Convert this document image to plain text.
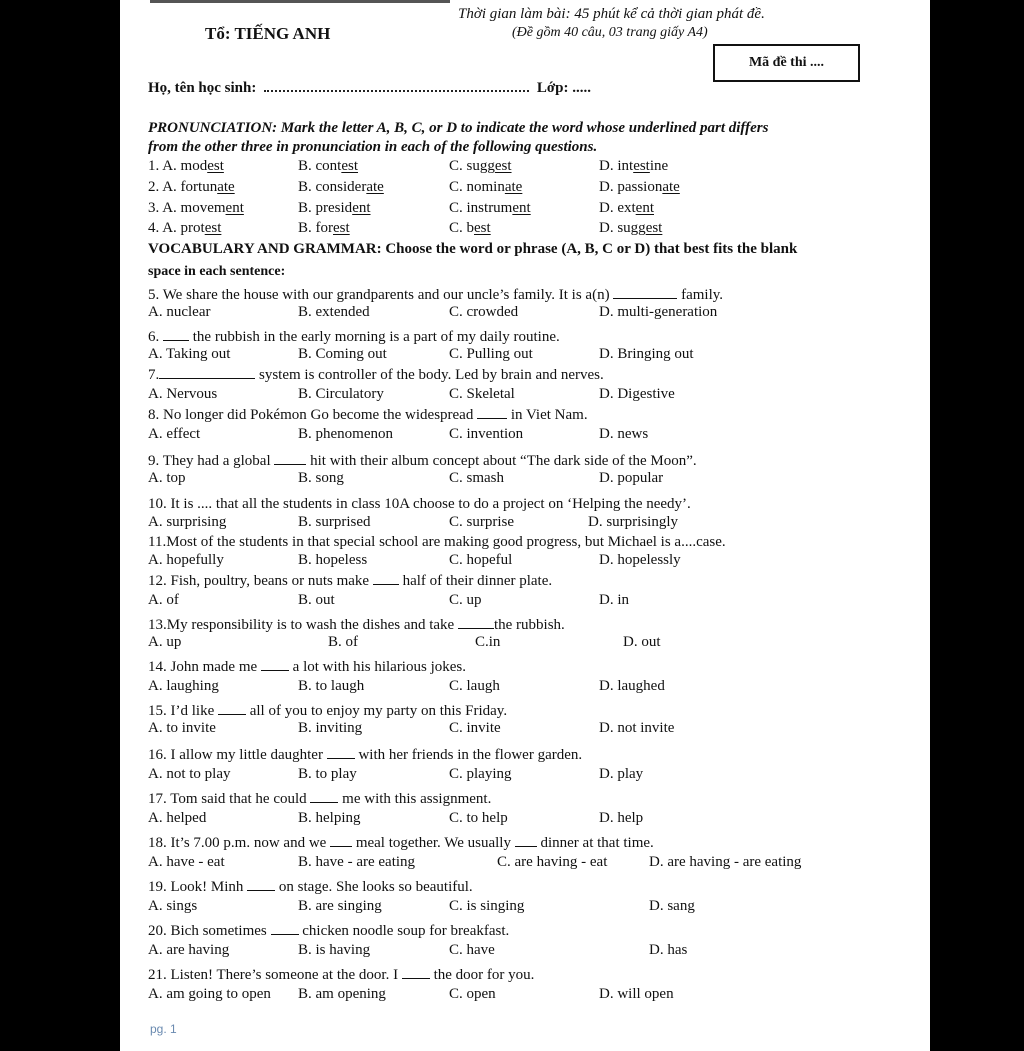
Thời gian làm bài: 45 phút kể cả thời gian phát đề.
Tổ: TIẾNG ANH	(Đề gồm 40 câu, 03 trang giấy A4)
Mã đề thi ....
Họ, tên học sinh:	Lớp: .....
PRONUNCIATION: Mark the letter A, B, C, or D to indicate the word whose underlined part differs
from the other three in pronunciation in each of the following questions.
1. A. modest	B. contest	C. suggest	D. intestine
2. A. fortunate	B. considerate	C. nominate	D. passionate
3. A. movement	B. president	C. instrument	D. extent
4. A. protest	B. forest	C. best	D. suggest
VOCABULARY AND GRAMMAR: Choose the word or phrase (A, B, C or D) that best fits the blank
space in each sentence:
5. We share the house with our grandparents and our uncle’s family. It is a(n)	family.
A. nuclear	B. extended	C. crowded	D. multi-generation
6.  the rubbish in the early morning is a part of my daily routine.
A. Taking out	B. Coming out	C. Pulling out	D. Bringing out
7.	system is controller of the body. Led by brain and nerves.
A. Nervous	B. Circulatory	C. Skeletal	D. Digestive
8. No longer did Pokémon Go become the widespread  in Viet Nam.
A. effect	B. phenomenon	C. invention	D. news
9. They had a global  hit with their album concept about “The dark side of the Moon”.
A. top	B. song	C. smash	D. popular
10. It is .... that all the students in class 10A choose to do a project on ‘Helping the needy’.
A. surprising	B. surprised	C. surprise	D. surprisingly
11.Most of the students in that special school are making good progress, but Michael is a....case.
A. hopefully	B. hopeless	C. hopeful	D. hopelessly
12. Fish, poultry, beans or nuts make  half of their dinner plate.
A. of	B. out	C. up	D. in
13.My responsibility is to wash the dishes and take the rubbish.
A. up	B. of	C.in	D. out
14. John made me  a lot with his hilarious jokes.
A. laughing	B. to laugh	C. laugh	D. laughed
15. I’d like  all of you to enjoy my party on this Friday.
A. to invite	B. inviting	C. invite	D. not invite
16. I allow my little daughter  with her friends in the flower garden.
A. not to play	B. to play	C. playing	D. play
17. Tom said that he could  me with this assignment.
A. helped	B. helping	C. to help	D. help
18. It’s 7.00 p.m. now and we  meal together. We usually  dinner at that time.
A. have - eat	B. have - are eating	C. are having - eat	D. are having - are eating
19. Look! Minh  on stage. She looks so beautiful.
A. sings	B. are singing	C. is singing	D. sang
20. Bich sometimes  chicken noodle soup for breakfast.
A. are having	B. is having	C. have	D. has
21. Listen! There’s someone at the door. I  the door for you.
A. am going to open B. am opening	C. open	D. will open
pg. 1
